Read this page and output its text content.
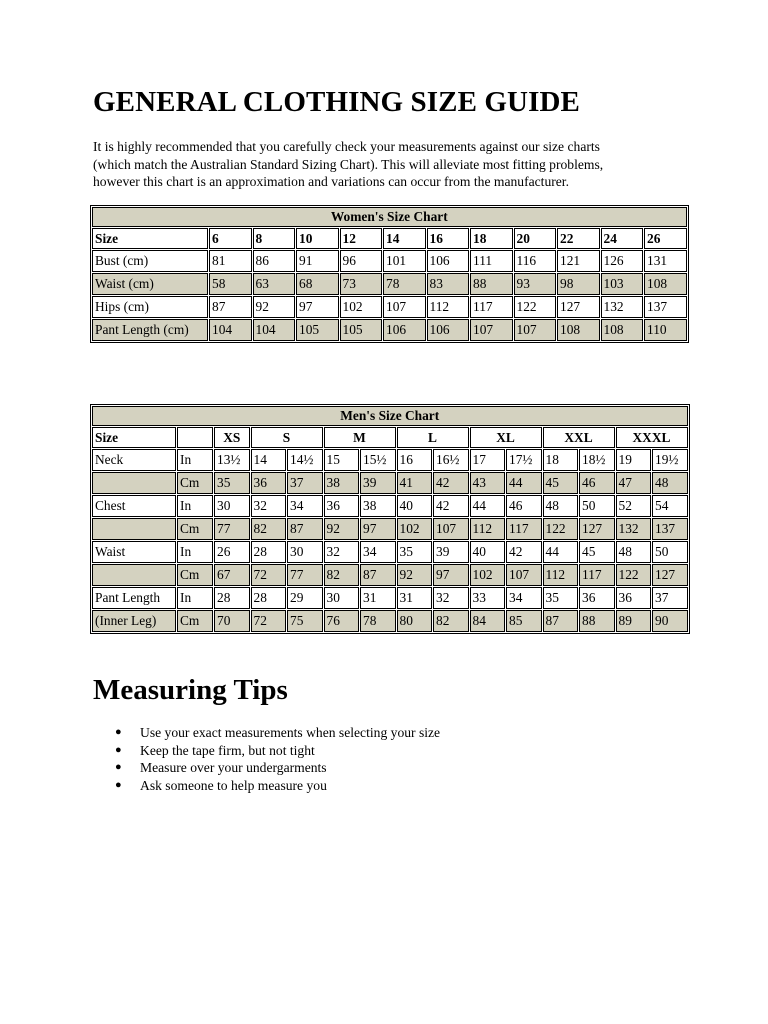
GENERAL CLOTHING SIZE GUIDE
It is highly recommended that you carefully check your measurements against our size charts
(which match the Australian Standard Sizing Chart). This will alleviate most fitting problems,
however this chart is an approximation and variations can occur from the manufacturer.
Women's Size Chart											
Size	6	8	10	12	14	16	18	20	22	24	26
Bust (cm)	81	86	91	96	101	106	111	116	121	126	131
Waist (cm)	58	63	68	73	78	83	88	93	98	103	108
Hips (cm)	87	92	97	102	107	112	117	122	127	132	137
Pant Length (cm)	104	104	105	105	106	106	107	107	108	108	110
Men's Size Chart														
Size		XS	S		M		L		XL		XXL		XXXL	
Neck	In	13½	14	14½	15	15½	16	16½	17	17½	18	18½	19	19½
	Cm	35	36	37	38	39	41	42	43	44	45	46	47	48
Chest	In	30	32	34	36	38	40	42	44	46	48	50	52	54
	Cm	77	82	87	92	97	102	107	112	117	122	127	132	137
Waist	In	26	28	30	32	34	35	39	40	42	44	45	48	50
	Cm	67	72	77	82	87	92	97	102	107	112	117	122	127
Pant Length	In	28	28	29	30	31	31	32	33	34	35	36	36	37
(Inner Leg)	Cm	70	72	75	76	78	80	82	84	85	87	88	89	90
Measuring Tips
● Use your exact measurements when selecting your size
● Keep the tape firm, but not tight
● Measure over your undergarments
● Ask someone to help measure you
